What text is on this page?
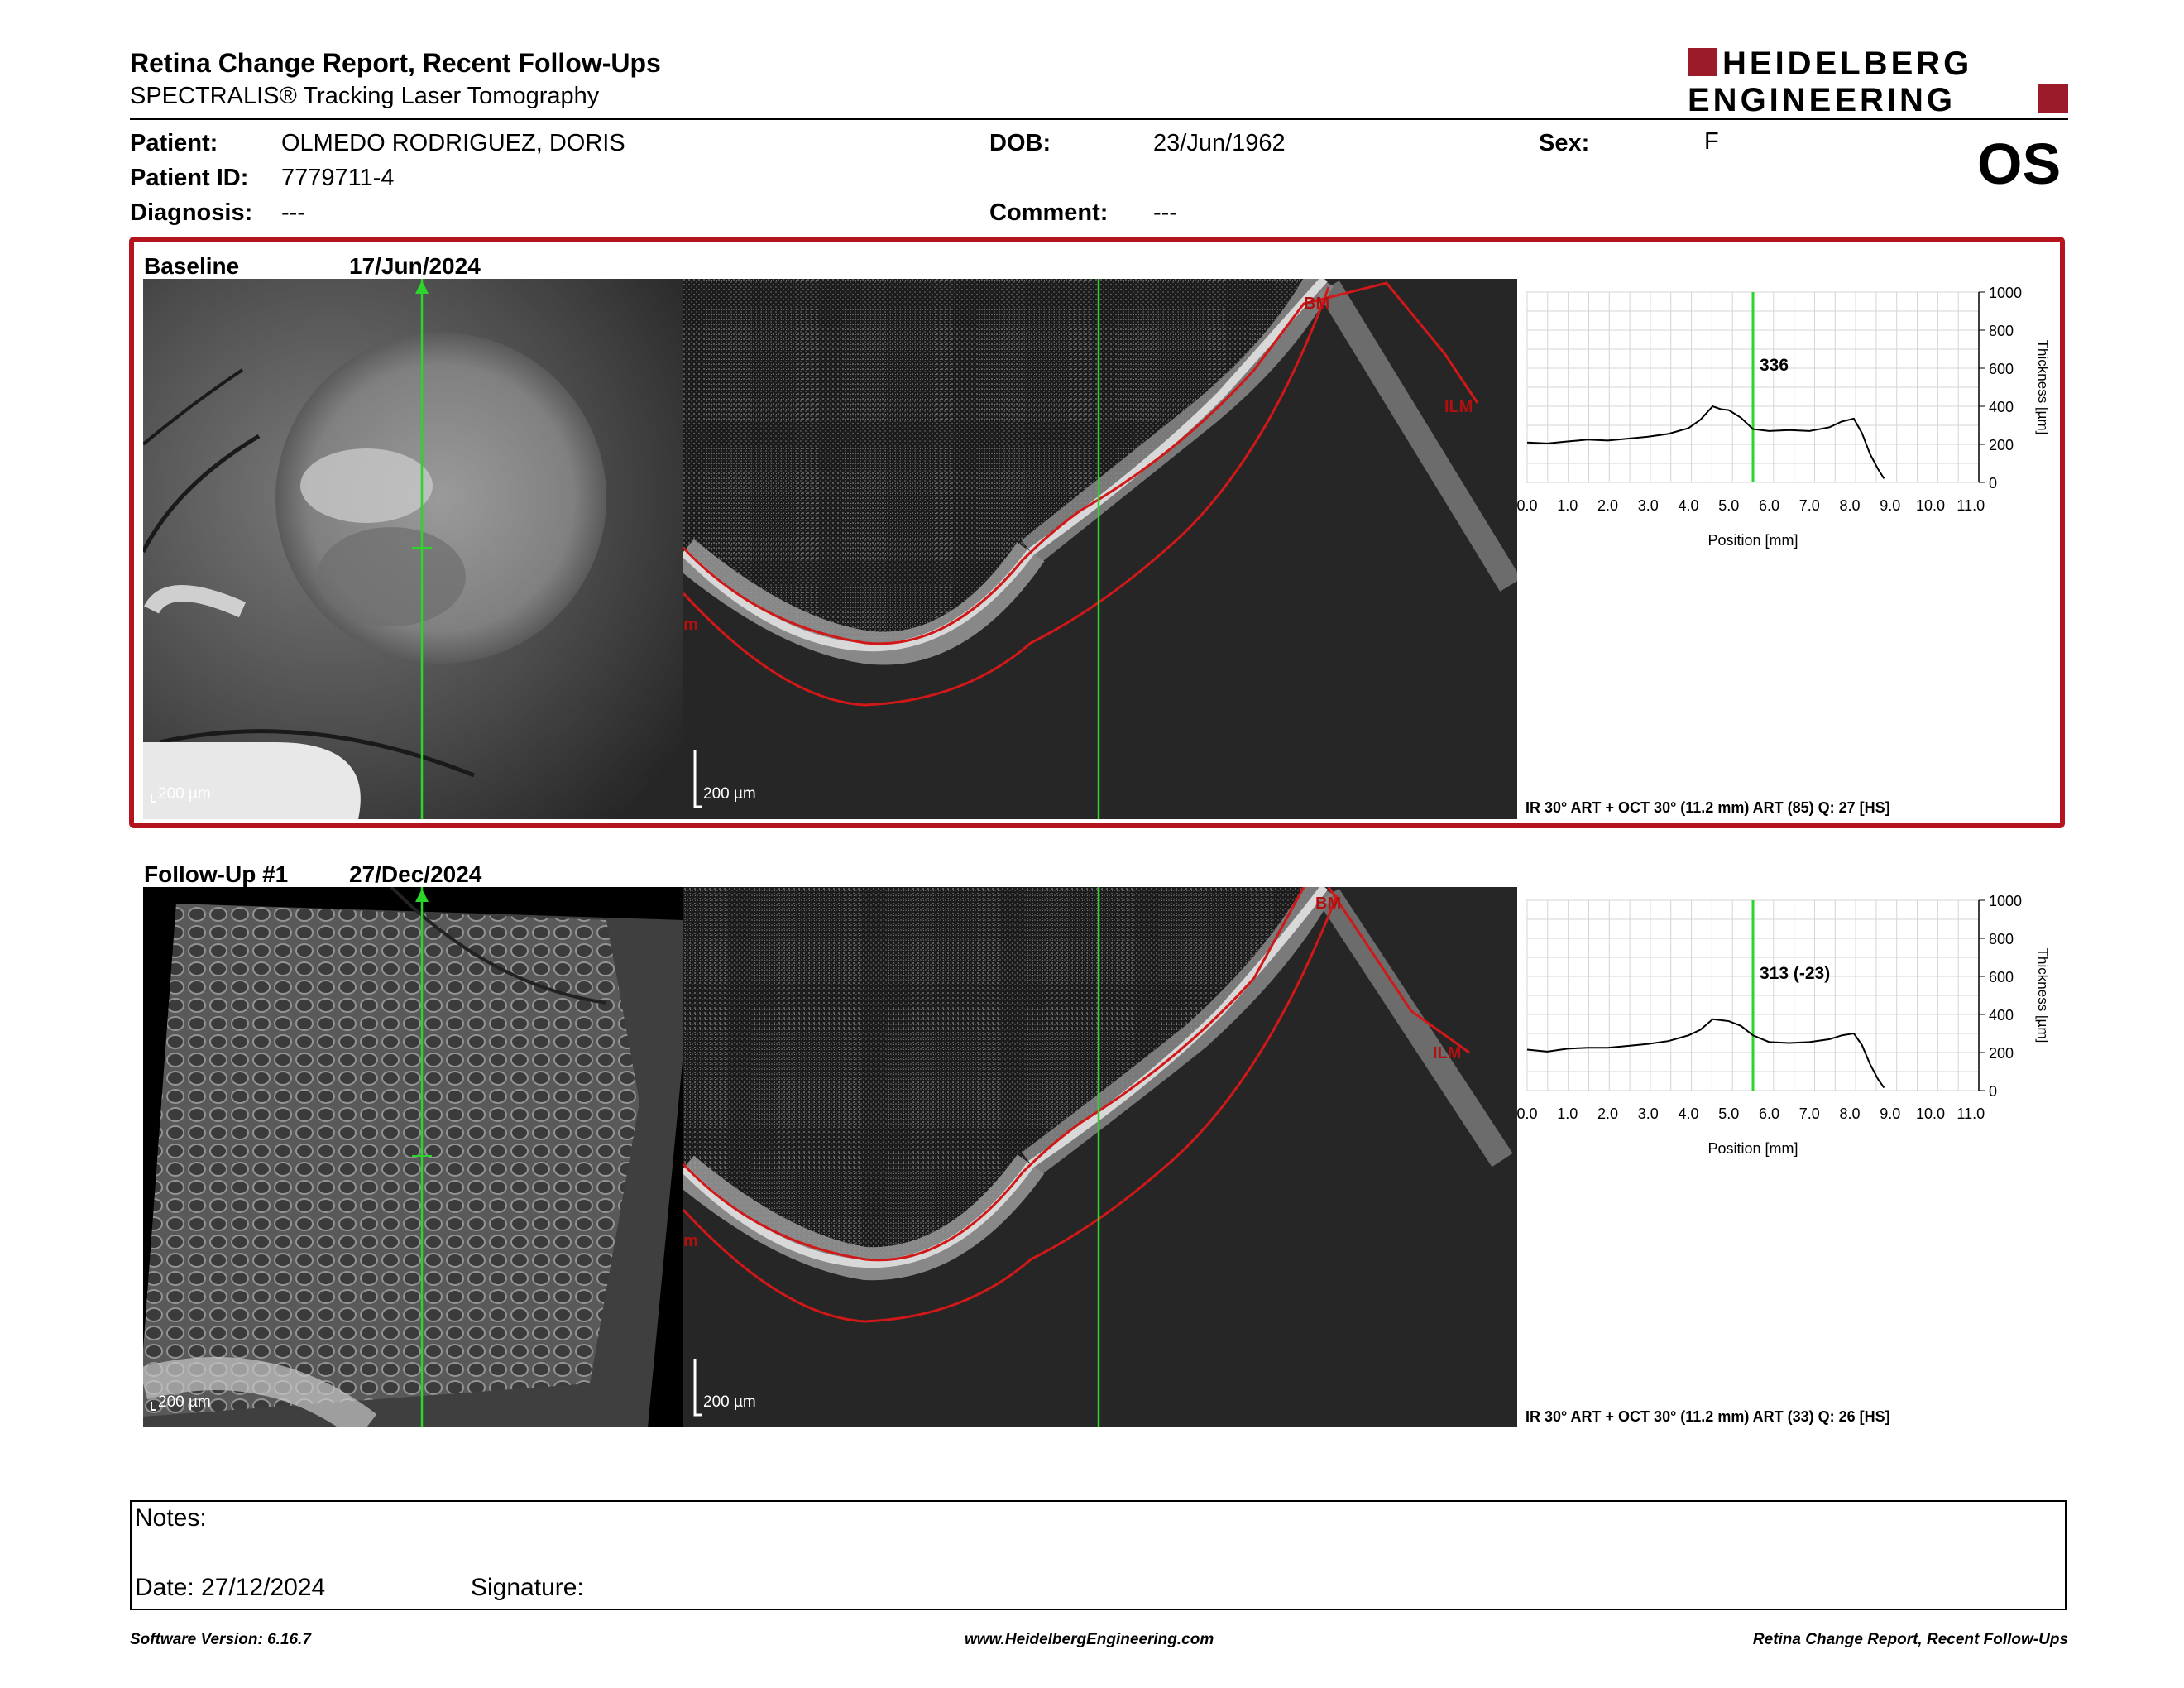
Retina Change Report, Recent Follow-Ups
SPECTRALIS® Tracking Laser Tomography
HEIDELBERG
ENGINEERING
Patient:	OLMEDO RODRIGUEZ, DORIS
Patient ID: 7779711-4
Diagnosis: ---
DOB:	23/Jun/1962
Comment: ---
Sex:	F	OS
Baseline	17/Jun/2024
200 µm
BM
ILM
m
200 µm
0
200
400
600
800
1000
0.0 1.0 2.0 3.0 4.0 5.0 6.0 7.0 8.0 9.0 10.0 11.0
Position [mm]
Thickness [µm]
336
IR 30° ART + OCT 30° (11.2 mm) ART (85) Q: 27 [HS]
Follow-Up #1	27/Dec/2024
200 µm
BM
ILM
m
200 µm
0
200
400
600
800
1000
0.0 1.0 2.0 3.0 4.0 5.0 6.0 7.0 8.0 9.0 10.0 11.0
Position [mm]
Thickness [µm]
313 (-23)
IR 30° ART + OCT 30° (11.2 mm) ART (33) Q: 26 [HS]
Notes:
Date: 27/12/2024	Signature:
Software Version: 6.16.7	www.HeidelbergEngineering.com	Retina Change Report, Recent Follow-Ups
